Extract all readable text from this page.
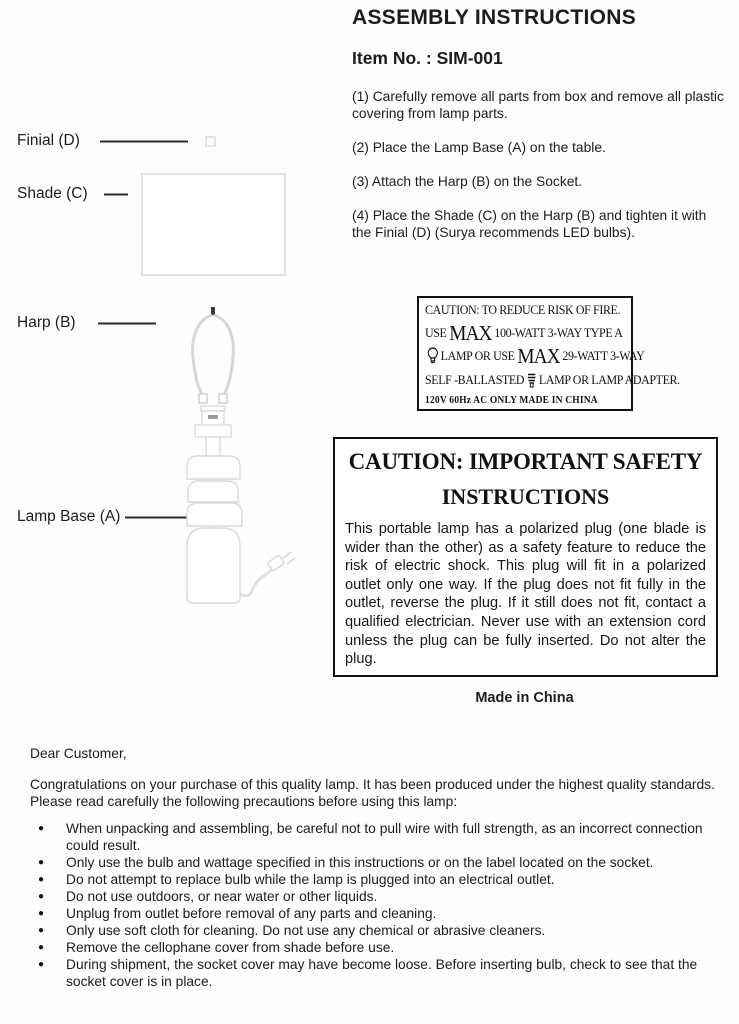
Finial (D)
Shade (C)
Harp (B)
Lamp Base (A)
ASSEMBLY INSTRUCTIONS
Item No. : SIM-001

(1) Carefully remove all parts from box and remove all plastic covering from lamp parts.

(2) Place the Lamp Base (A) on the table.

(3) Attach the Harp (B) on the Socket.

(4) Place the Shade (C) on the Harp (B) and tighten it with the Finial (D) (Surya recommends LED bulbs).

CAUTION: TO REDUCE RISK OF FIRE.
USE MAX 100-WATT 3-WAY TYPE A
LAMP OR USE MAX 29-WATT 3-WAY
SELF -BALLASTED LAMP OR LAMP ADAPTER.
120V 60Hz AC ONLY MADE IN CHINA
CAUTION: IMPORTANT SAFETY
INSTRUCTIONS
This portable lamp has a polarized plug (one blade is wider than the other) as a safety feature to reduce the risk of electric shock. This plug will fit in a polarized outlet only one way. If the plug does not fit fully in the outlet, reverse the plug. If it still does not fit, contact a qualified electrician. Never use with an extension cord unless the plug can be fully inserted. Do not alter the plug.
Made in China

Dear Customer,

Congratulations on your purchase of this quality lamp. It has been produced under the highest quality standards. Please read carefully the following precautions before using this lamp:

●	When unpacking and assembling, be careful not to pull wire with full strength, as an incorrect connection could result.
●	Only use the bulb and wattage specified in this instructions or on the label located on the socket.
●	Do not attempt to replace bulb while the lamp is plugged into an electrical outlet.
●	Do not use outdoors, or near water or other liquids.
●	Unplug from outlet before removal of any parts and cleaning.
●	Only use soft cloth for cleaning. Do not use any chemical or abrasive cleaners.
●	Remove the cellophane cover from shade before use.
●	During shipment, the socket cover may have become loose. Before inserting bulb, check to see that the socket cover is in place.
